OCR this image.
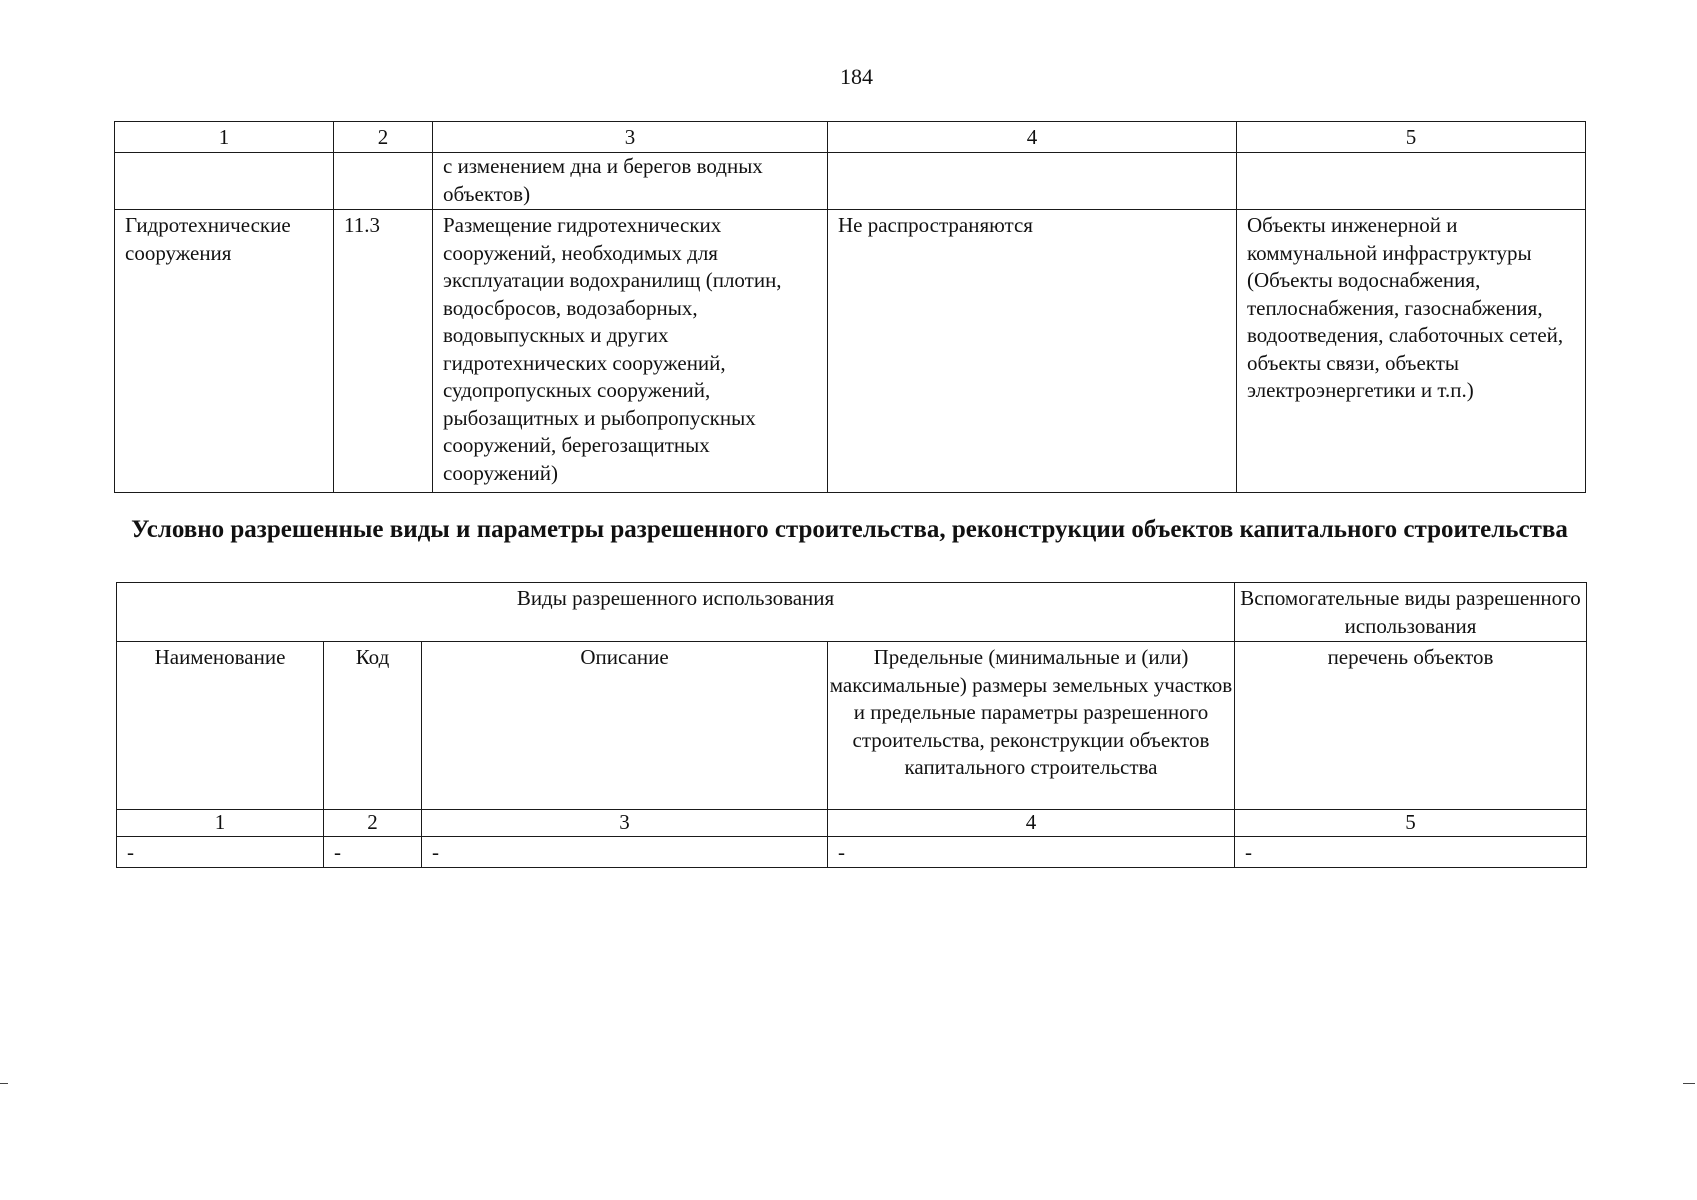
184
1	2	3	4	5
		с изменением дна и берегов водных объектов)		
Гидротехнические сооружения	11.3	Размещение гидротехнических сооружений, необходимых для эксплуатации водохранилищ (плотин, водосбросов, водозаборных, водовыпускных и других гидротехнических сооружений, судопропускных сооружений, рыбозащитных и рыбопропускных сооружений, берегозащитных сооружений)	Не распространяются	Объекты инженерной и коммунальной инфраструктуры (Объекты водоснабжения, теплоснабжения, газоснабжения, водоотведения, слаботочных сетей, объекты связи, объекты электроэнергетики и т.п.)
Условно разрешенные виды и параметры разрешенного строительства, реконструкции объектов капитального строительства
Виды разрешенного использования				Вспомогательные виды разрешенного использования
Наименование	Код	Описание	Предельные (минимальные и (или) максимальные) размеры земельных участков и предельные параметры разрешенного строительства, реконструкции объектов капитального строительства	перечень объектов
1	2	3	4	5
-	-	-	-	-
